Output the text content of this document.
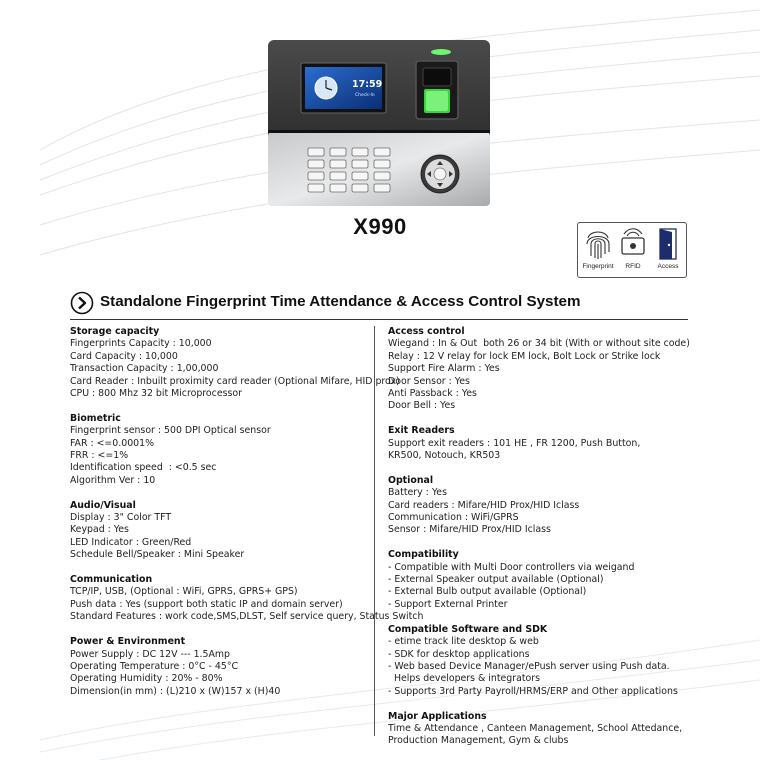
17:59
Check-In
X990
Fingerprint	RFID	Access
Standalone Fingerprint Time Attendance & Access Control System
Storage capacity
Fingerprints Capacity : 10,000
Card Capacity : 10,000
Transaction Capacity : 1,00,000
Card Reader : Inbuilt proximity card reader (Optional Mifare, HID prox)
CPU : 800 Mhz 32 bit Microprocessor
Biometric
Fingerprint sensor : 500 DPI Optical sensor
FAR : <=0.0001%
FRR : <=1%
Identification speed  : <0.5 sec
Algorithm Ver : 10
Audio/Visual
Display : 3" Color TFT
Keypad : Yes
LED Indicator : Green/Red
Schedule Bell/Speaker : Mini Speaker
Communication
TCP/IP, USB, (Optional : WiFi, GPRS, GPRS+ GPS)
Push data : Yes (support both static IP and domain server)
Standard Features : work code,SMS,DLST, Self service query, Status Switch
Power & Environment
Power Supply : DC 12V --- 1.5Amp
Operating Temperature : 0°C - 45°C
Operating Humidity : 20% - 80%
Dimension(in mm) : (L)210 x (W)157 x (H)40
Access control
Wiegand : In & Out  both 26 or 34 bit (With or without site code)
Relay : 12 V relay for lock EM lock, Bolt Lock or Strike lock
Support Fire Alarm : Yes
Door Sensor : Yes
Anti Passback : Yes
Door Bell : Yes
Exit Readers
Support exit readers : 101 HE , FR 1200, Push Button,
KR500, Notouch, KR503
Optional
Battery : Yes
Card readers : Mifare/HID Prox/HID Iclass
Communication : WiFi/GPRS
Sensor : Mifare/HID Prox/HID Iclass
Compatibility
- Compatible with Multi Door controllers via weigand
- External Speaker output available (Optional)
- External Bulb output available (Optional)
- Support External Printer
Compatible Software and SDK
- etime track lite desktop & web
- SDK for desktop applications
- Web based Device Manager/ePush server using Push data.
Helps developers & integrators
- Supports 3rd Party Payroll/HRMS/ERP and Other applications
Major Applications
Time & Attendance , Canteen Management, School Attedance,
Production Management, Gym & clubs
